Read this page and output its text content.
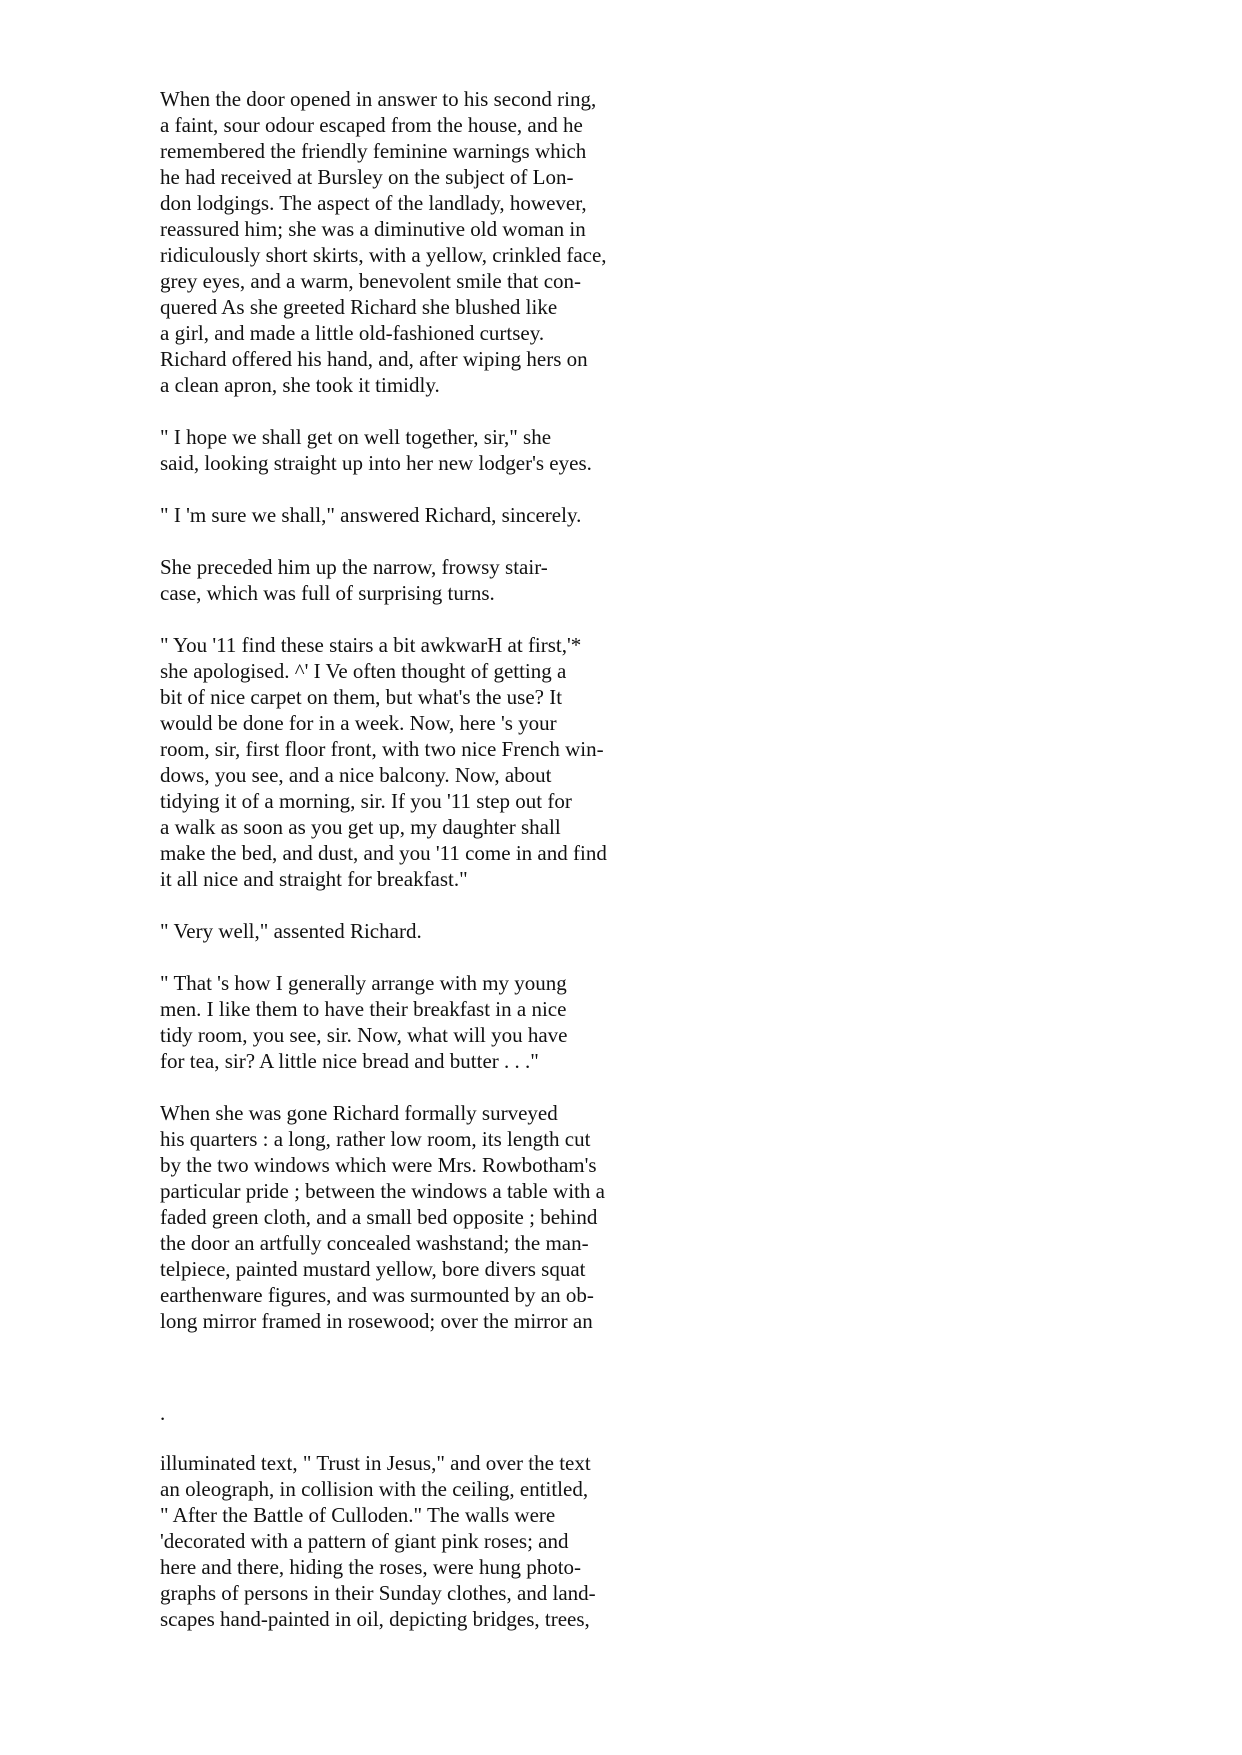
When the door opened in answer to his second ring,
a faint, sour odour escaped from the house, and he
remembered the friendly feminine warnings which
he had received at Bursley on the subject of Lon-
don lodgings. The aspect of the landlady, however,
reassured him; she was a diminutive old woman in
ridiculously short skirts, with a yellow, crinkled face,
grey eyes, and a warm, benevolent smile that con-
quered As she greeted Richard she blushed like
a girl, and made a little old-fashioned curtsey.
Richard offered his hand, and, after wiping hers on
a clean apron, she took it timidly.
" I hope we shall get on well together, sir," she
said, looking straight up into her new lodger's eyes.
" I 'm sure we shall," answered Richard, sincerely.
She preceded him up the narrow, frowsy stair-
case, which was full of surprising turns.
" You '11 find these stairs a bit awkwarH at first,'*
she apologised. ^' I Ve often thought of getting a
bit of nice carpet on them, but what's the use? It
would be done for in a week. Now, here 's your
room, sir, first floor front, with two nice French win-
dows, you see, and a nice balcony. Now, about
tidying it of a morning, sir. If you '11 step out for
a walk as soon as you get up, my daughter shall
make the bed, and dust, and you '11 come in and find
it all nice and straight for breakfast."
" Very well," assented Richard.
" That 's how I generally arrange with my young
men. I like them to have their breakfast in a nice
tidy room, you see, sir. Now, what will you have
for tea, sir? A little nice bread and butter . . ."
When she was gone Richard formally surveyed
his quarters : a long, rather low room, its length cut
by the two windows which were Mrs. Rowbotham's
particular pride ; between the windows a table with a
faded green cloth, and a small bed opposite ; behind
the door an artfully concealed washstand; the man-
telpiece, painted mustard yellow, bore divers squat
earthenware figures, and was surmounted by an ob-
long mirror framed in rosewood; over the mirror an
.
illuminated text, " Trust in Jesus," and over the text
an oleograph, in collision with the ceiling, entitled,
" After the Battle of Culloden." The walls were
'decorated with a pattern of giant pink roses; and
here and there, hiding the roses, were hung photo-
graphs of persons in their Sunday clothes, and land-
scapes hand-painted in oil, depicting bridges, trees,
